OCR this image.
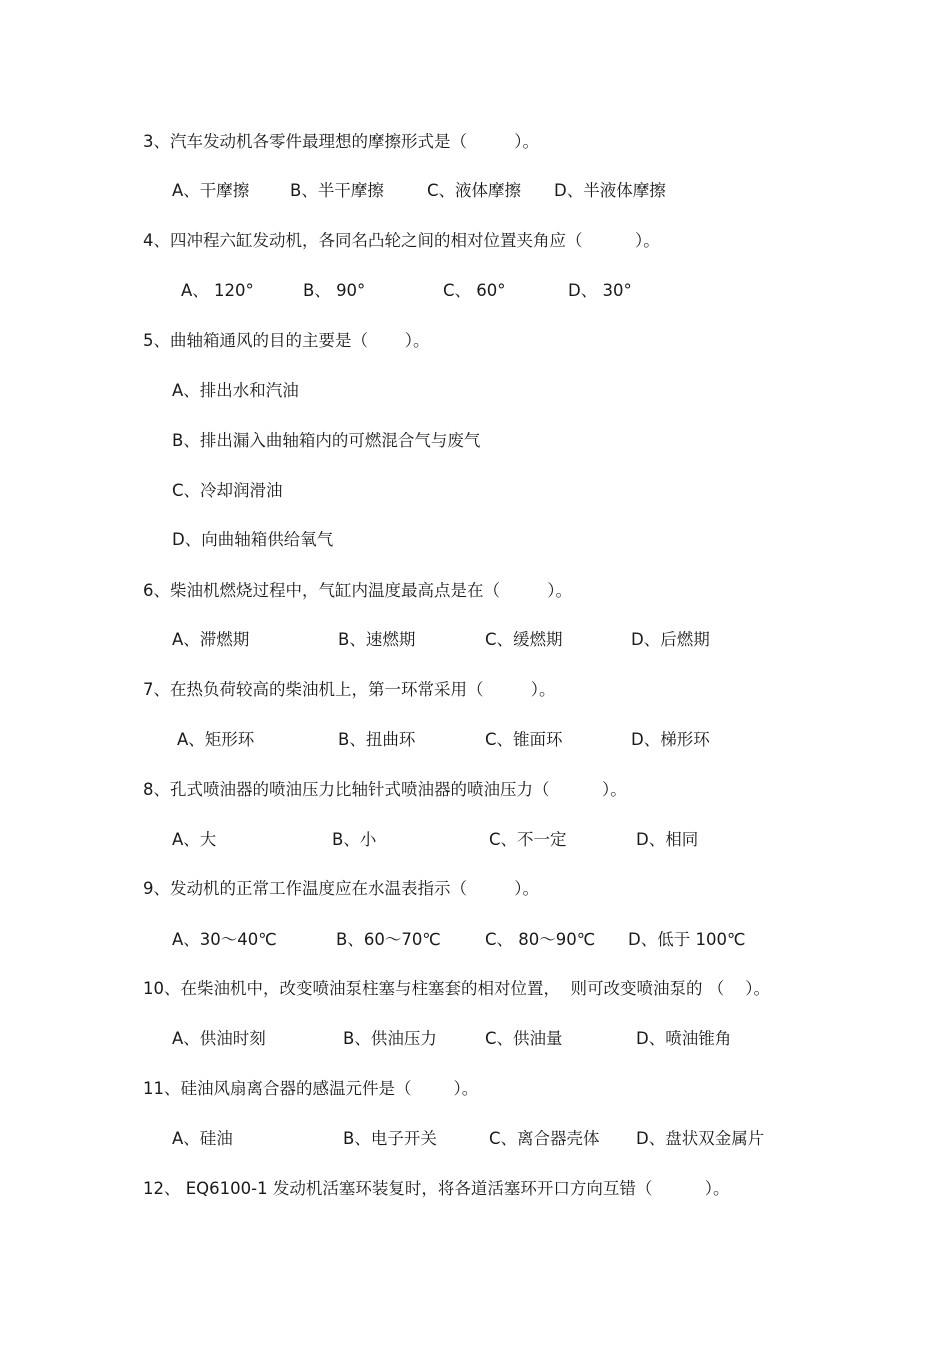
3、汽车发动机各零件最理想的摩擦形式是（         ）。

A、干摩擦

B、半干摩擦

	C、液体摩擦

D、半液体摩擦

4、四冲程六缸发动机，各同名凸轮之间的相对位置夹角应（          ）。

A、 120°

	B、 90°

	C、 60°

	D、 30°

5、曲轴箱通风的目的主要是（       ）。
A、排出水和汽油
B、排出漏入曲轴箱内的可燃混合气与废气
C、冷却润滑油
D、向曲轴箱供给氧气
6、柴油机燃烧过程中，气缸内温度最高点是在（         ）。

A、滞燃期

	B、速燃期

	C、缓燃期

	D、后燃期

7、在热负荷较高的柴油机上，第一环常采用（         ）。

A、矩形环

	B、扭曲环

	C、锥面环

	D、梯形环

8、孔式喷油器的喷油压力比轴针式喷油器的喷油压力（          ）。

A、大

	B、小

	C、不一定

	D、相同

9、发动机的正常工作温度应在水温表指示（         ）。

A、30～40℃

	B、60～70℃

	C、 80～90℃

D、低于 100℃

10、在柴油机中，改变喷油泵柱塞与柱塞套的相对位置，  则可改变喷油泵的 （    ）。

A、供油时刻

	B、供油压力

	C、供油量

	D、喷油锥角

11、硅油风扇离合器的感温元件是（        ）。

A、硅油

	B、电子开关

	C、离合器壳体

D、盘状双金属片

12、 EQ6100-1 发动机活塞环装复时，将各道活塞环开口方向互错（          ）。
